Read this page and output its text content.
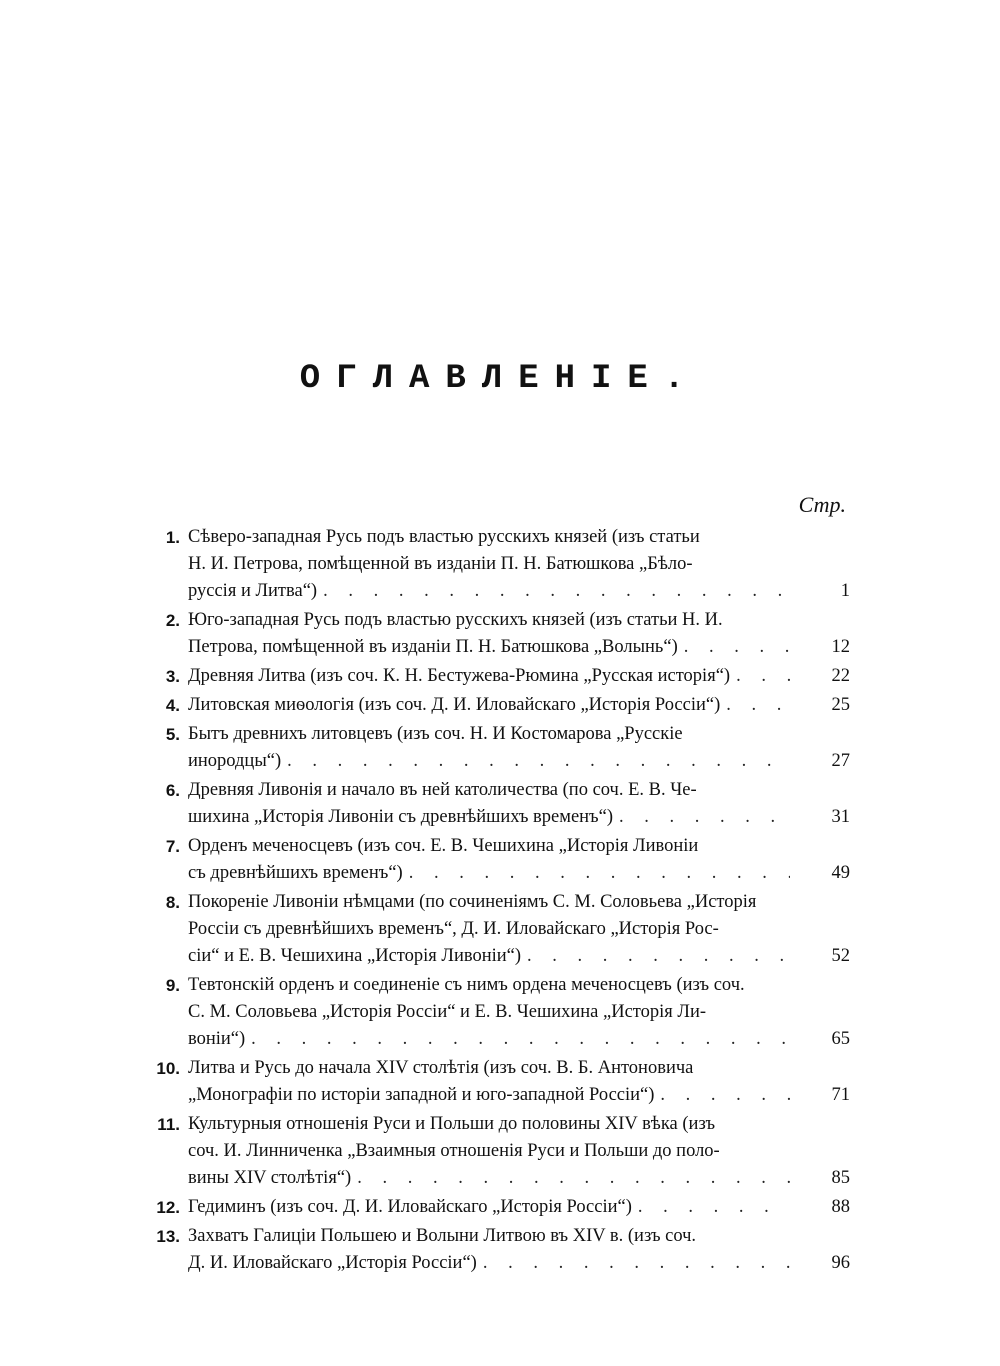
ОГЛАВЛЕНІЕ.
Стр.
1. Сѣверо-западная Русь подъ властью русскихъ князей (изъ статьи
Н. И. Петрова, помѣщенной въ изданіи П. Н. Батюшкова „Бѣло-
руссія и Литва“) . . .	1
2. Юго-западная Русь подъ властью русскихъ князей (изъ статьи Н. И.
Петрова, помѣщенной въ изданіи П. Н. Батюшкова „Волынь“) . . .	12
3. Древняя Литва (изъ соч. К. Н. Бестужева-Рюмина „Русская исторія“) . . .	22
4. Литовская миѳологія (изъ соч. Д. И. Иловайскаго „Исторія Россіи“) . . .	25
5. Бытъ древнихъ литовцевъ (изъ соч. Н. И Костомарова „Русскіе
инородцы“) . . .	27
6. Древняя Ливонія и начало въ ней католичества (по соч. Е. В. Че-
шихина „Исторія Ливоніи съ древнѣйшихъ временъ“) . . .	31
7. Орденъ меченосцевъ (изъ соч. Е. В. Чешихина „Исторія Ливоніи
съ древнѣйшихъ временъ“) . . .	49
8. Покореніе Ливоніи нѣмцами (по сочиненіямъ С. М. Соловьева „Исторія
Россіи съ древнѣйшихъ временъ“, Д. И. Иловайскаго „Исторія Рос-
сіи“ и Е. В. Чешихина „Исторія Ливоніи“) . . .	52
9. Тевтонскій орденъ и соединеніе съ нимъ ордена меченосцевъ (изъ соч.
С. М. Соловьева „Исторія Россіи“ и Е. В. Чешихина „Исторія Ли-
воніи“) . . .	65
10. Литва и Русь до начала XIV столѣтія (изъ соч. В. Б. Антоновича
„Монографіи по исторіи западной и юго-западной Россіи“) . . .	71
11. Культурныя отношенія Руси и Польши до половины XIV вѣка (изъ
соч. И. Линниченка „Взаимныя отношенія Руси и Польши до поло-
вины XIV столѣтія“) . . .	85
12. Гедиминъ (изъ соч. Д. И. Иловайскаго „Исторія Россіи“) . . .	88
13. Захватъ Галиціи Польшею и Волыни Литвою въ XIV в. (изъ соч.
Д. И. Иловайскаго „Исторія Россіи“) . . .	96
